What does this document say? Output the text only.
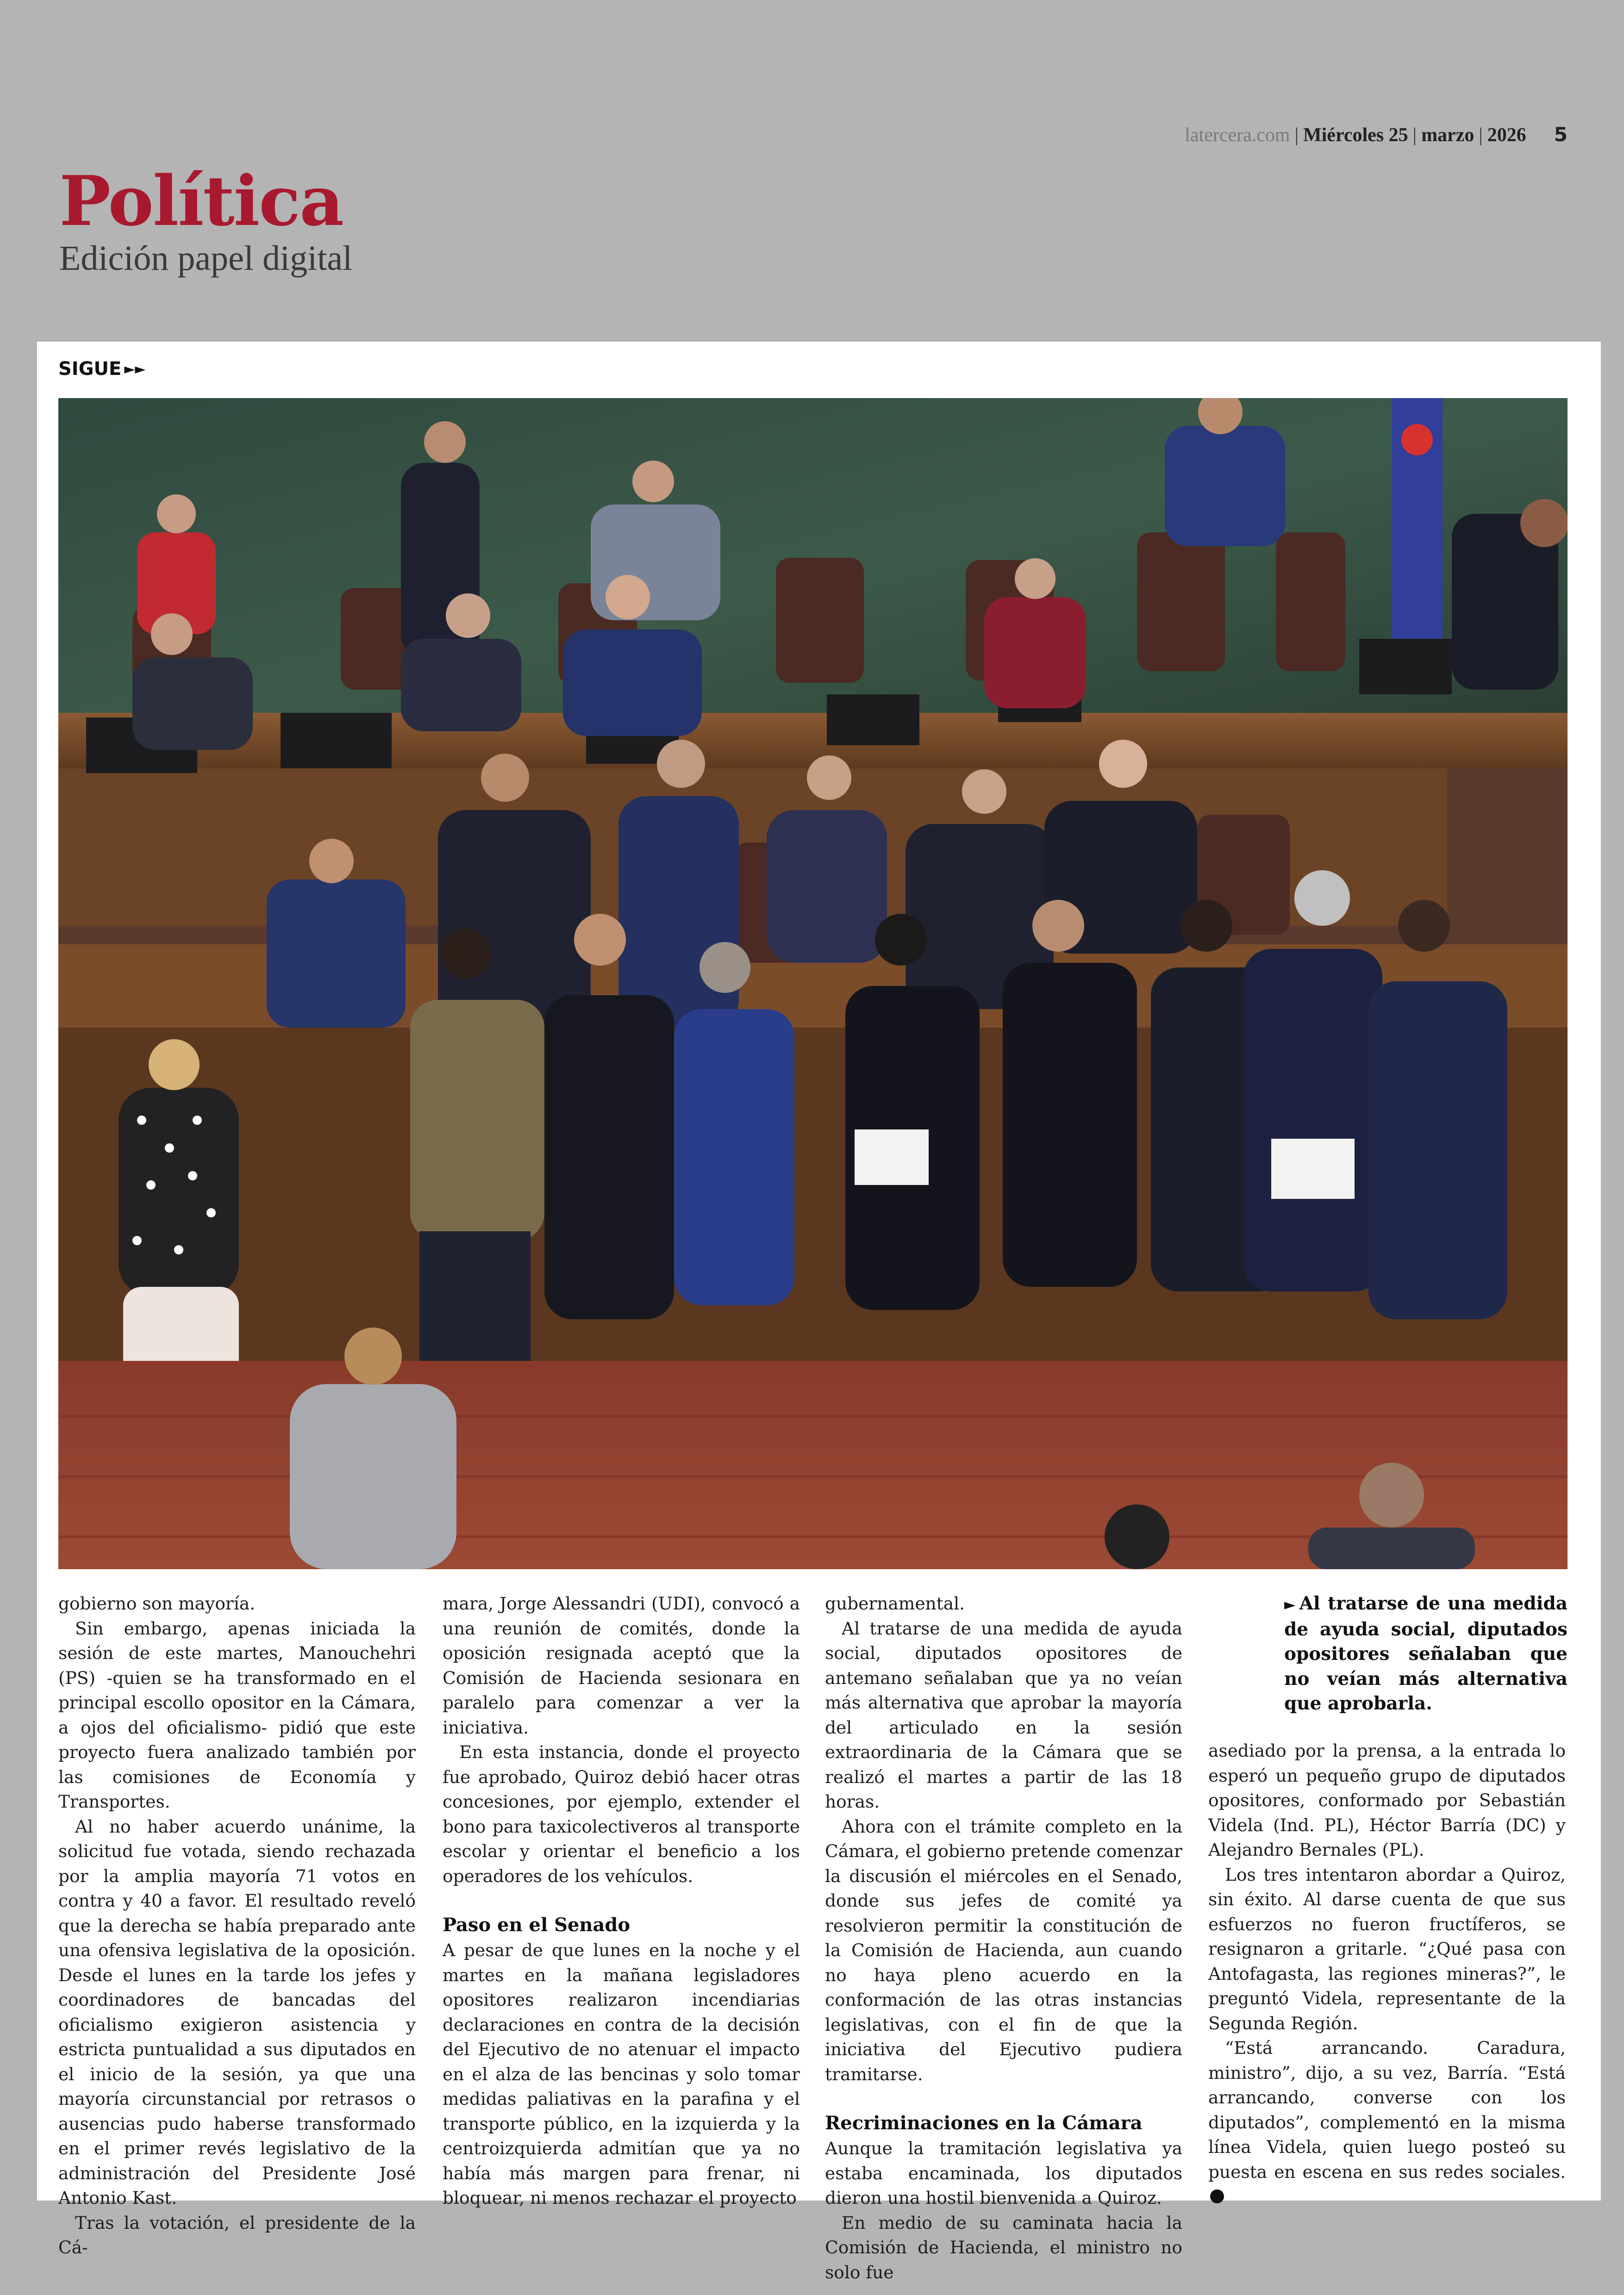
latercera.com | Miércoles 25 | marzo | 2026 5
Política
Edición papel digital
SIGUE ►►

gobierno son mayoría.

Sin embargo, apenas iniciada la sesión de este martes, Manouchehri (PS) -quien se ha transformado en el principal escollo opositor en la Cámara, a ojos del oficialismo- pidió que este proyecto fuera analizado también por las comisiones de Economía y Transportes.

Al no haber acuerdo unánime, la solicitud fue votada, siendo rechazada por la amplia mayoría 71 votos en contra y 40 a favor. El resultado reveló que la derecha se había preparado ante una ofensiva legislativa de la oposición. Desde el lunes en la tarde los jefes y coordinadores de bancadas del oficialismo exigieron asistencia y estricta puntualidad a sus diputados en el inicio de la sesión, ya que una mayoría circunstancial por retrasos o ausencias pudo haberse transformado en el primer revés legislativo de la administración del Presidente José Antonio Kast.

Tras la votación, el presidente de la Cá-

mara, Jorge Alessandri (UDI), convocó a una reunión de comités, donde la oposición resignada aceptó que la Comisión de Hacienda sesionara en paralelo para comenzar a ver la iniciativa.

En esta instancia, donde el proyecto fue aprobado, Quiroz debió hacer otras concesiones, por ejemplo, extender el bono para taxicolectiveros al transporte escolar y orientar el beneficio a los operadores de los vehículos.

Paso en el Senado

A pesar de que lunes en la noche y el martes en la mañana legisladores opositores realizaron incendiarias declaraciones en contra de la decisión del Ejecutivo de no atenuar el impacto en el alza de las bencinas y solo tomar medidas paliativas en la parafina y el transporte público, en la izquierda y la centroizquierda admitían que ya no había más margen para frenar, ni bloquear, ni menos rechazar el proyecto

gubernamental.

Al tratarse de una medida de ayuda social, diputados opositores de antemano señalaban que ya no veían más alternativa que aprobar la mayoría del articulado en la sesión extraordinaria de la Cámara que se realizó el martes a partir de las 18 horas.

Ahora con el trámite completo en la Cámara, el gobierno pretende comenzar la discusión el miércoles en el Senado, donde sus jefes de comité ya resolvieron permitir la constitución de la Comisión de Hacienda, aun cuando no haya pleno acuerdo en la conformación de las otras instancias legislativas, con el fin de que la iniciativa del Ejecutivo pudiera tramitarse.

Recriminaciones en la Cámara

Aunque la tramitación legislativa ya estaba encaminada, los diputados dieron una hostil bienvenida a Quiroz.

En medio de su caminata hacia la Comisión de Hacienda, el ministro no solo fue

► Al tratarse de una medida de ayuda social, diputados opositores señalaban que no veían más alternativa que aprobarla.

asediado por la prensa, a la entrada lo esperó un pequeño grupo de diputados opositores, conformado por Sebastián Videla (Ind. PL), Héctor Barría (DC) y Alejandro Bernales (PL).

Los tres intentaron abordar a Quiroz, sin éxito. Al darse cuenta de que sus esfuerzos no fueron fructíferos, se resignaron a gritarle. “¿Qué pasa con Antofagasta, las regiones mineras?”, le preguntó Videla, representante de la Segunda Región.

“Está arrancando. Caradura, ministro”, dijo, a su vez, Barría. “Está arrancando, converse con los diputados”, complementó en la misma línea Videla, quien luego posteó su puesta en escena en sus redes sociales.
